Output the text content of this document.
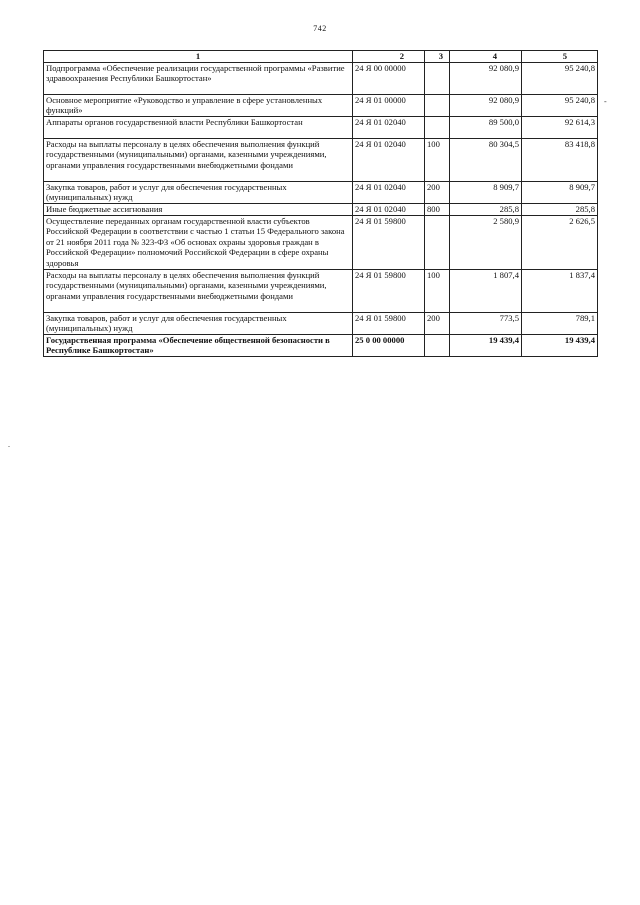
742
.
-
1	2	3	4	5
Подпрограмма «Обеспечение реализации государственной программы «Развитие здравоохранения Республики Башкортостан»	24 Я 00 00000		92 080,9	95 240,8
Основное мероприятие «Руководство и управление в сфере установленных функций»	24 Я 01 00000		92 080,9	95 240,8
Аппараты органов государственной власти Республики Башкортостан	24 Я 01 02040		89 500,0	92 614,3
Расходы на выплаты персоналу в целях обеспечения выполнения функций государственными (муниципальными) органами, казенными учреждениями, органами управления государственными внебюджетными фондами	24 Я 01 02040	100	80 304,5	83 418,8
Закупка товаров, работ и услуг для обеспечения государственных (муниципальных) нужд	24 Я 01 02040	200	8 909,7	8 909,7
Иные бюджетные ассигнования	24 Я 01 02040	800	285,8	285,8
Осуществление переданных органам государственной власти субъектов Российской Федерации в соответствии с частью 1 статьи 15 Федерального закона от 21 ноября 2011 года № 323-ФЗ «Об основах охраны здоровья граждан в Российской Федерации» полномочий Российской Федерации в сфере охраны здоровья	24 Я 01 59800		2 580,9	2 626,5
Расходы на выплаты персоналу в целях обеспечения выполнения функций государственными (муниципальными) органами, казенными учреждениями, органами управления государственными внебюджетными фондами	24 Я 01 59800	100	1 807,4	1 837,4
Закупка товаров, работ и услуг для обеспечения государственных (муниципальных) нужд	24 Я 01 59800	200	773,5	789,1
Государственная программа «Обеспечение общественной безопасности в Республике Башкортостан»	25 0 00 00000		19 439,4	19 439,4
